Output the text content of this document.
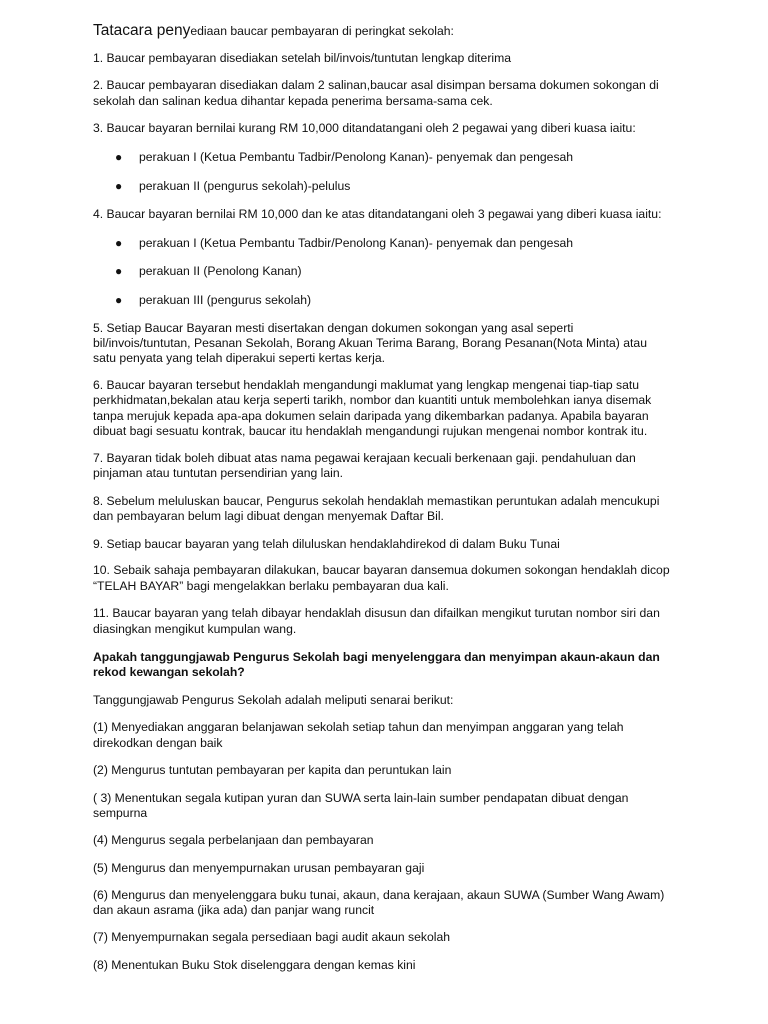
Tatacara penyediaan baucar pembayaran di peringkat sekolah:

1. Baucar pembayaran disediakan setelah bil/invois/tuntutan lengkap diterima

2. Baucar pembayaran disediakan dalam 2 salinan,baucar asal disimpan bersama dokumen sokongan di

sekolah dan salinan kedua dihantar kepada penerima bersama-sama cek.

3. Baucar bayaran bernilai kurang RM 10,000 ditandatangani oleh 2 pegawai yang diberi kuasa iaitu:

●	perakuan I (Ketua Pembantu Tadbir/Penolong Kanan)- penyemak dan pengesah
●	perakuan II (pengurus sekolah)-pelulus

4. Baucar bayaran bernilai RM 10,000 dan ke atas ditandatangani oleh 3 pegawai yang diberi kuasa iaitu:

●	perakuan I (Ketua Pembantu Tadbir/Penolong Kanan)- penyemak dan pengesah
●	perakuan II (Penolong Kanan)
●	perakuan III (pengurus sekolah)

5. Setiap Baucar Bayaran mesti disertakan dengan dokumen sokongan yang asal seperti

bil/invois/tuntutan, Pesanan Sekolah, Borang Akuan Terima Barang, Borang Pesanan(Nota Minta) atau

satu penyata yang telah diperakui seperti kertas kerja.

6. Baucar bayaran tersebut hendaklah mengandungi maklumat yang lengkap mengenai tiap-tiap satu

perkhidmatan,bekalan atau kerja seperti tarikh, nombor dan kuantiti untuk membolehkan ianya disemak

tanpa merujuk kepada apa-apa dokumen selain daripada yang dikembarkan padanya. Apabila bayaran

dibuat bagi sesuatu kontrak, baucar itu hendaklah mengandungi rujukan mengenai nombor kontrak itu.

7. Bayaran tidak boleh dibuat atas nama pegawai kerajaan kecuali berkenaan gaji. pendahuluan dan

pinjaman atau tuntutan persendirian yang lain.

8. Sebelum meluluskan baucar, Pengurus sekolah hendaklah memastikan peruntukan adalah mencukupi

dan pembayaran belum lagi dibuat dengan menyemak Daftar Bil.

9. Setiap baucar bayaran yang telah diluluskan hendaklahdirekod di dalam Buku Tunai

10. Sebaik sahaja pembayaran dilakukan, baucar bayaran dansemua dokumen sokongan hendaklah dicop

“TELAH BAYAR” bagi mengelakkan berlaku pembayaran dua kali.

11. Baucar bayaran yang telah dibayar hendaklah disusun dan difailkan mengikut turutan nombor siri dan

diasingkan mengikut kumpulan wang.

Apakah tanggungjawab Pengurus Sekolah bagi menyelenggara dan menyimpan akaun-akaun dan

rekod kewangan sekolah?

Tanggungjawab Pengurus Sekolah adalah meliputi senarai berikut:

(1) Menyediakan anggaran belanjawan sekolah setiap tahun dan menyimpan anggaran yang telah

direkodkan dengan baik

(2) Mengurus tuntutan pembayaran per kapita dan peruntukan lain

( 3) Menentukan segala kutipan yuran dan SUWA serta lain-lain sumber pendapatan dibuat dengan

sempurna

(4) Mengurus segala perbelanjaan dan pembayaran

(5) Mengurus dan menyempurnakan urusan pembayaran gaji

(6) Mengurus dan menyelenggara buku tunai, akaun, dana kerajaan, akaun SUWA (Sumber Wang Awam)

dan akaun asrama (jika ada) dan panjar wang runcit

(7) Menyempurnakan segala persediaan bagi audit akaun sekolah

(8) Menentukan Buku Stok diselenggara dengan kemas kini
